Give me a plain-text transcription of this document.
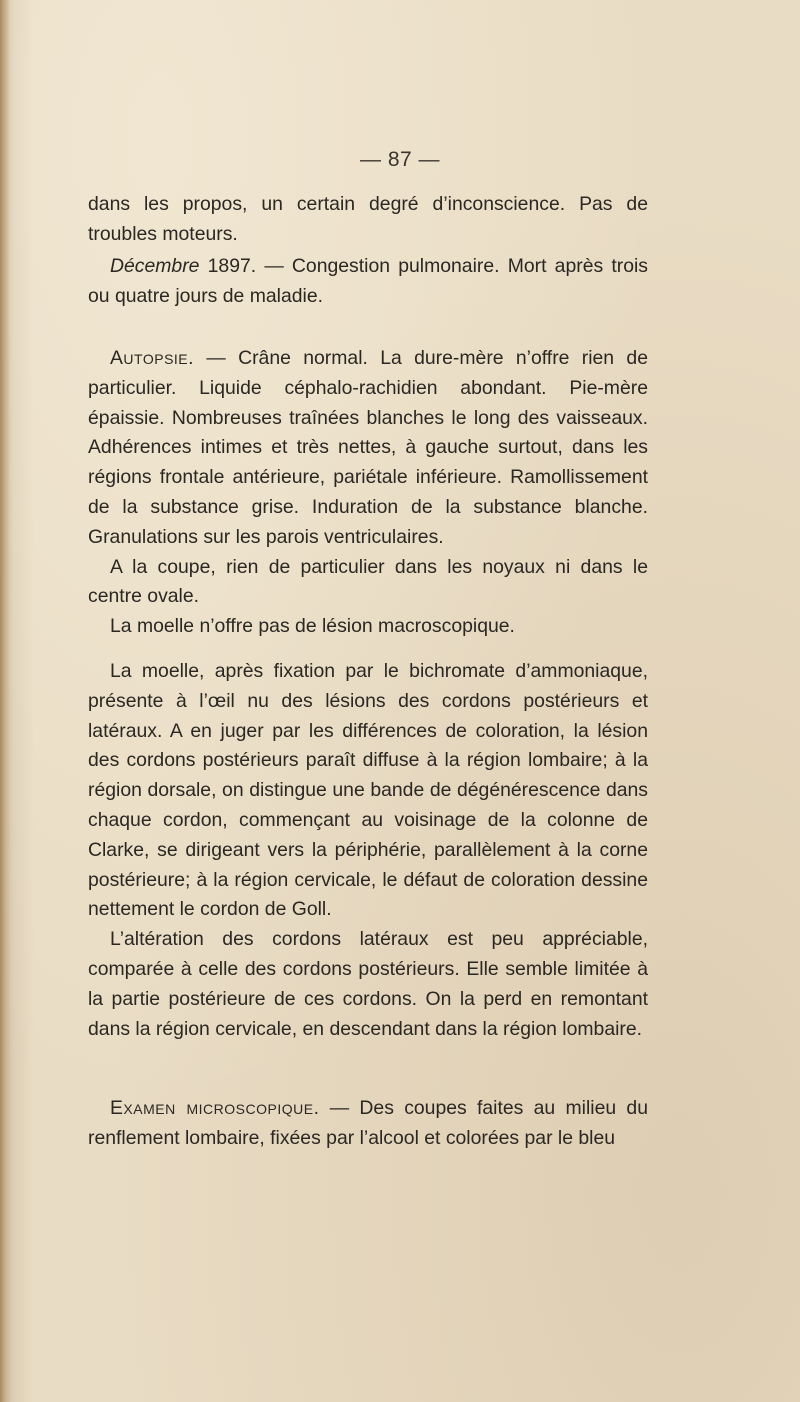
— 87 —

dans les propos, un certain degré d’inconscience. Pas de troubles moteurs.

Décembre 1897. — Congestion pulmonaire. Mort après trois ou quatre jours de maladie.

Autopsie. — Crâne normal. La dure-mère n’offre rien de particulier. Liquide céphalo-rachidien abondant. Pie-mère épaissie. Nombreuses traînées blanches le long des vaisseaux. Adhérences intimes et très nettes, à gauche surtout, dans les régions frontale antérieure, pariétale inférieure. Ramollissement de la substance grise. Induration de la substance blanche. Granulations sur les parois ventriculaires.

A la coupe, rien de particulier dans les noyaux ni dans le centre ovale.

La moelle n’offre pas de lésion macroscopique.

La moelle, après fixation par le bichromate d’ammoniaque, présente à l’œil nu des lésions des cordons postérieurs et latéraux. A en juger par les différences de coloration, la lésion des cordons postérieurs paraît diffuse à la région lombaire; à la région dorsale, on distingue une bande de dégénérescence dans chaque cordon, commençant au voisinage de la colonne de Clarke, se dirigeant vers la périphérie, parallèlement à la corne postérieure; à la région cervicale, le défaut de coloration dessine nettement le cordon de Goll.

L’altération des cordons latéraux est peu appréciable, comparée à celle des cordons postérieurs. Elle semble limitée à la partie postérieure de ces cordons. On la perd en remontant dans la région cervicale, en descendant dans la région lombaire.

Examen microscopique. — Des coupes faites au milieu du renflement lombaire, fixées par l’alcool et colorées par le bleu
